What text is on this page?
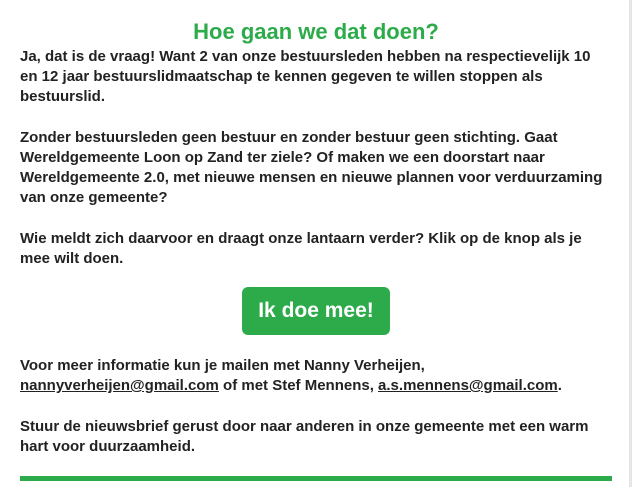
Hoe gaan we dat doen?

Ja, dat is de vraag! Want 2 van onze bestuursleden hebben na respectievelijk 10 en 12 jaar bestuurslidmaatschap te kennen gegeven te willen stoppen als bestuurslid.

Zonder bestuursleden geen bestuur en zonder bestuur geen stichting. Gaat Wereldgemeente Loon op Zand ter ziele? Of maken we een doorstart naar Wereldgemeente 2.0, met nieuwe mensen en nieuwe plannen voor verduurzaming van onze gemeente?

Wie meldt zich daarvoor en draagt onze lantaarn verder? Klik op de knop als je mee wilt doen.

Ik doe mee!

Voor meer informatie kun je mailen met Nanny Verheijen,
nannyverheijen@gmail.com of met Stef Mennens, a.s.mennens@gmail.com.

Stuur de nieuwsbrief gerust door naar anderen in onze gemeente met een warm hart voor duurzaamheid.
